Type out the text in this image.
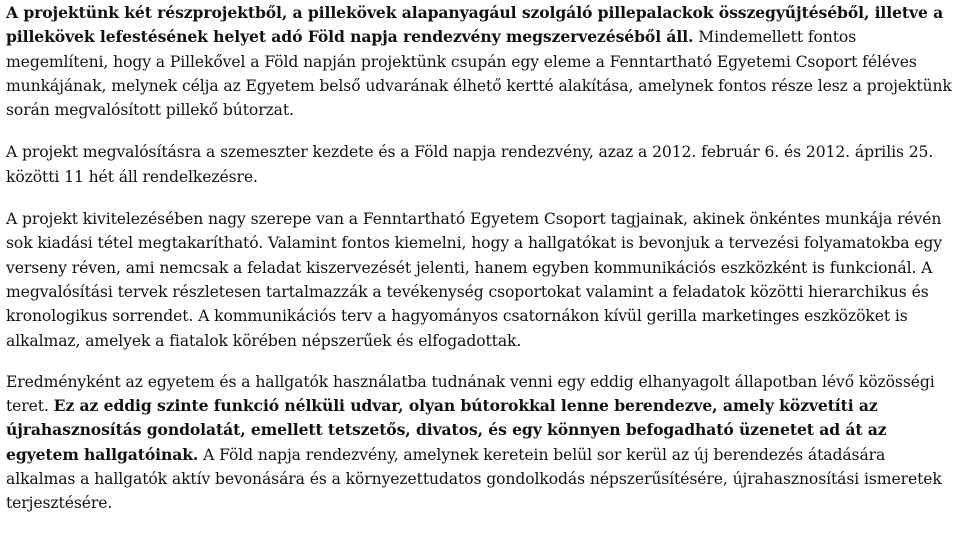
A projektünk két részprojektből, a pillekövek alapanyagául szolgáló pillepalackok összegyűjtéséből, illetve a pillekövek lefestésének helyet adó Föld napja rendezvény megszervezéséből áll. Mindemellett fontos megemlíteni, hogy a Pillekővel a Föld napján projektünk csupán egy eleme a Fenntartható Egyetemi Csoport féléves munkájának, melynek célja az Egyetem belső udvarának élhető kertté alakítása, amelynek fontos része lesz a projektünk során megvalósított pillekő bútorzat.

A projekt megvalósításra a szemeszter kezdete és a Föld napja rendezvény, azaz a 2012. február 6. és 2012. április 25. közötti 11 hét áll rendelkezésre.

A projekt kivitelezésében nagy szerepe van a Fenntartható Egyetem Csoport tagjainak, akinek önkéntes munkája révén sok kiadási tétel megtakarítható. Valamint fontos kiemelni, hogy a hallgatókat is bevonjuk a tervezési folyamatokba egy verseny réven, ami nemcsak a feladat kiszervezését jelenti, hanem egyben kommunikációs eszközként is funkcionál. A megvalósítási tervek részletesen tartalmazzák a tevékenység csoportokat valamint a feladatok közötti hierarchikus és kronologikus sorrendet. A kommunikációs terv a hagyományos csatornákon kívül gerilla marketinges eszközöket is alkalmaz, amelyek a fiatalok körében népszerűek és elfogadottak.

Eredményként az egyetem és a hallgatók használatba tudnának venni egy eddig elhanyagolt állapotban lévő közösségi teret. Ez az eddig szinte funkció nélküli udvar, olyan bútorokkal lenne berendezve, amely közvetíti az újrahasznosítás gondolatát, emellett tetszetős, divatos, és egy könnyen befogadható üzenetet ad át az egyetem hallgatóinak. A Föld napja rendezvény, amelynek keretein belül sor kerül az új berendezés átadására alkalmas a hallgatók aktív bevonására és a környezettudatos gondolkodás népszerűsítésére, újrahasznosítási ismeretek terjesztésére.
